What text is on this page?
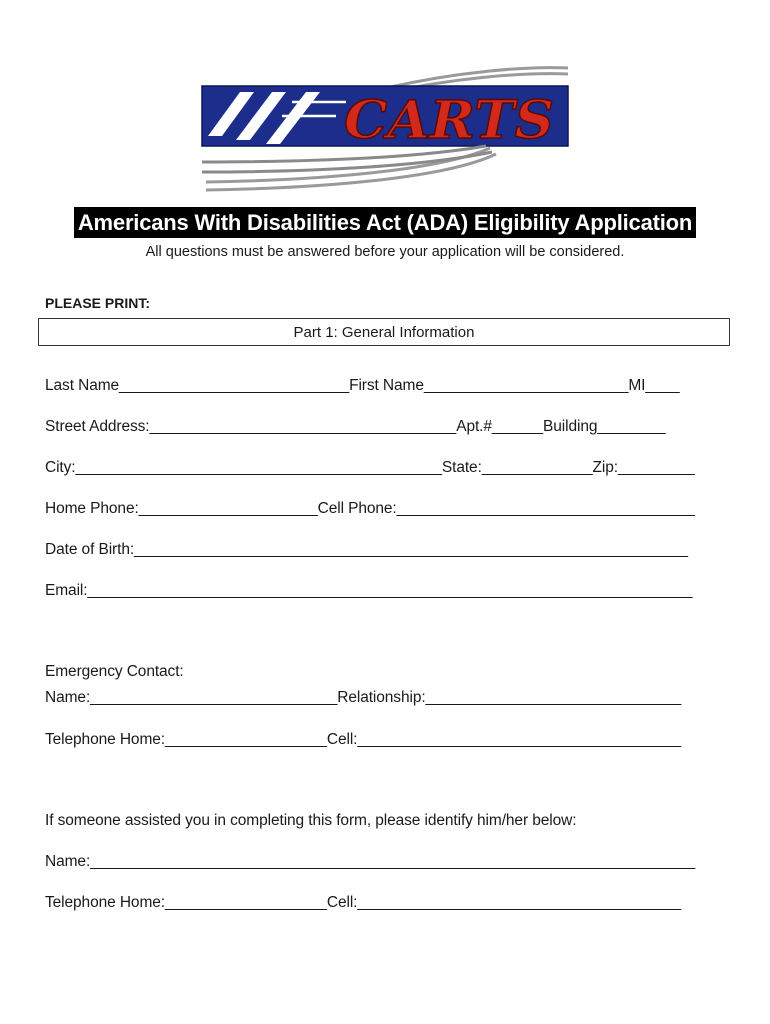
CARTS
Americans With Disabilities Act (ADA) Eligibility Application
All questions must be answered before your application will be considered.
PLEASE PRINT:
Part 1: General Information
Last Name___________________________First Name________________________MI____
Street Address:____________________________________Apt.#______Building________
City:___________________________________________State:_____________Zip:_________
Home Phone:_____________________Cell Phone:___________________________________
Date of Birth:_________________________________________________________________
Email:_______________________________________________________________________
Emergency Contact:
Name:_____________________________Relationship:______________________________
Telephone Home:___________________Cell:______________________________________
If someone assisted you in completing this form, please identify him/her below:
Name:_______________________________________________________________________
Telephone Home:___________________Cell:______________________________________
